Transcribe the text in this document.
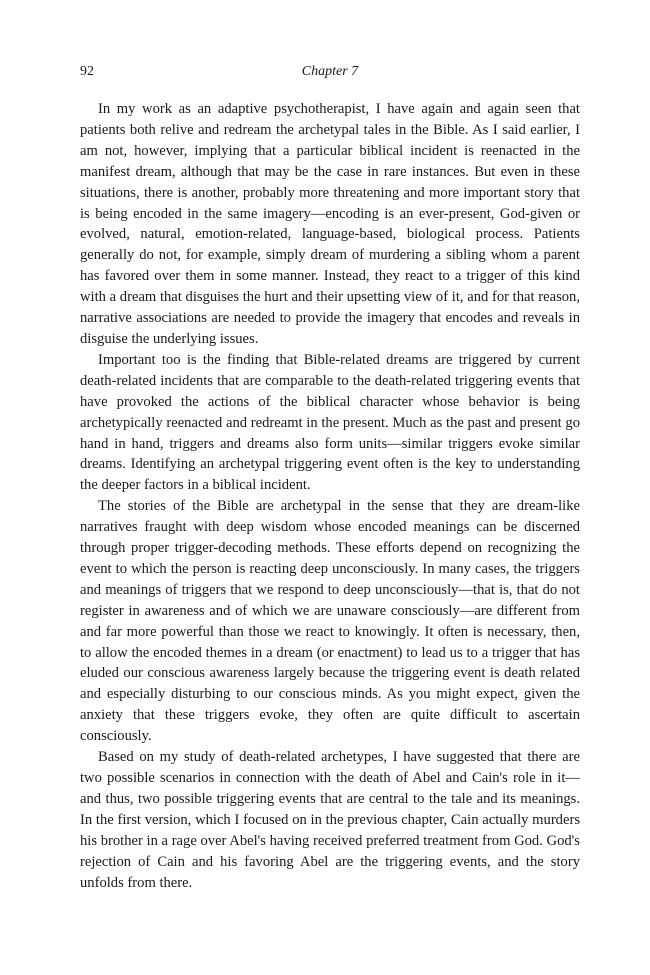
92	Chapter 7

In my work as an adaptive psychotherapist, I have again and again seen that patients both relive and redream the archetypal tales in the Bible. As I said earlier, I am not, however, implying that a particular biblical incident is reenacted in the manifest dream, although that may be the case in rare instances. But even in these situations, there is another, probably more threatening and more important story that is being encoded in the same imagery—encoding is an ever-present, God-given or evolved, natural, emotion-related, language-based, biological process. Patients generally do not, for example, simply dream of murdering a sibling whom a parent has favored over them in some manner. Instead, they react to a trigger of this kind with a dream that disguises the hurt and their upsetting view of it, and for that reason, narrative associations are needed to provide the imagery that encodes and reveals in disguise the underlying issues.

Important too is the finding that Bible-related dreams are triggered by current death-related incidents that are comparable to the death-related triggering events that have provoked the actions of the biblical character whose behavior is being archetypically reenacted and redreamt in the present. Much as the past and present go hand in hand, triggers and dreams also form units—similar triggers evoke similar dreams. Identifying an archetypal triggering event often is the key to understanding the deeper factors in a biblical incident.

The stories of the Bible are archetypal in the sense that they are dream-like narratives fraught with deep wisdom whose encoded meanings can be discerned through proper trigger-decoding methods. These efforts depend on recognizing the event to which the person is reacting deep unconsciously. In many cases, the triggers and meanings of triggers that we respond to deep unconsciously—that is, that do not register in awareness and of which we are unaware consciously—are different from and far more powerful than those we react to knowingly. It often is necessary, then, to allow the encoded themes in a dream (or enactment) to lead us to a trigger that has eluded our conscious awareness largely because the triggering event is death related and especially disturbing to our conscious minds. As you might expect, given the anxiety that these triggers evoke, they often are quite difficult to ascertain consciously.

Based on my study of death-related archetypes, I have suggested that there are two possible scenarios in connection with the death of Abel and Cain's role in it—and thus, two possible triggering events that are central to the tale and its meanings. In the first version, which I focused on in the previous chapter, Cain actually murders his brother in a rage over Abel's having received preferred treatment from God. God's rejection of Cain and his favoring Abel are the triggering events, and the story unfolds from there.
